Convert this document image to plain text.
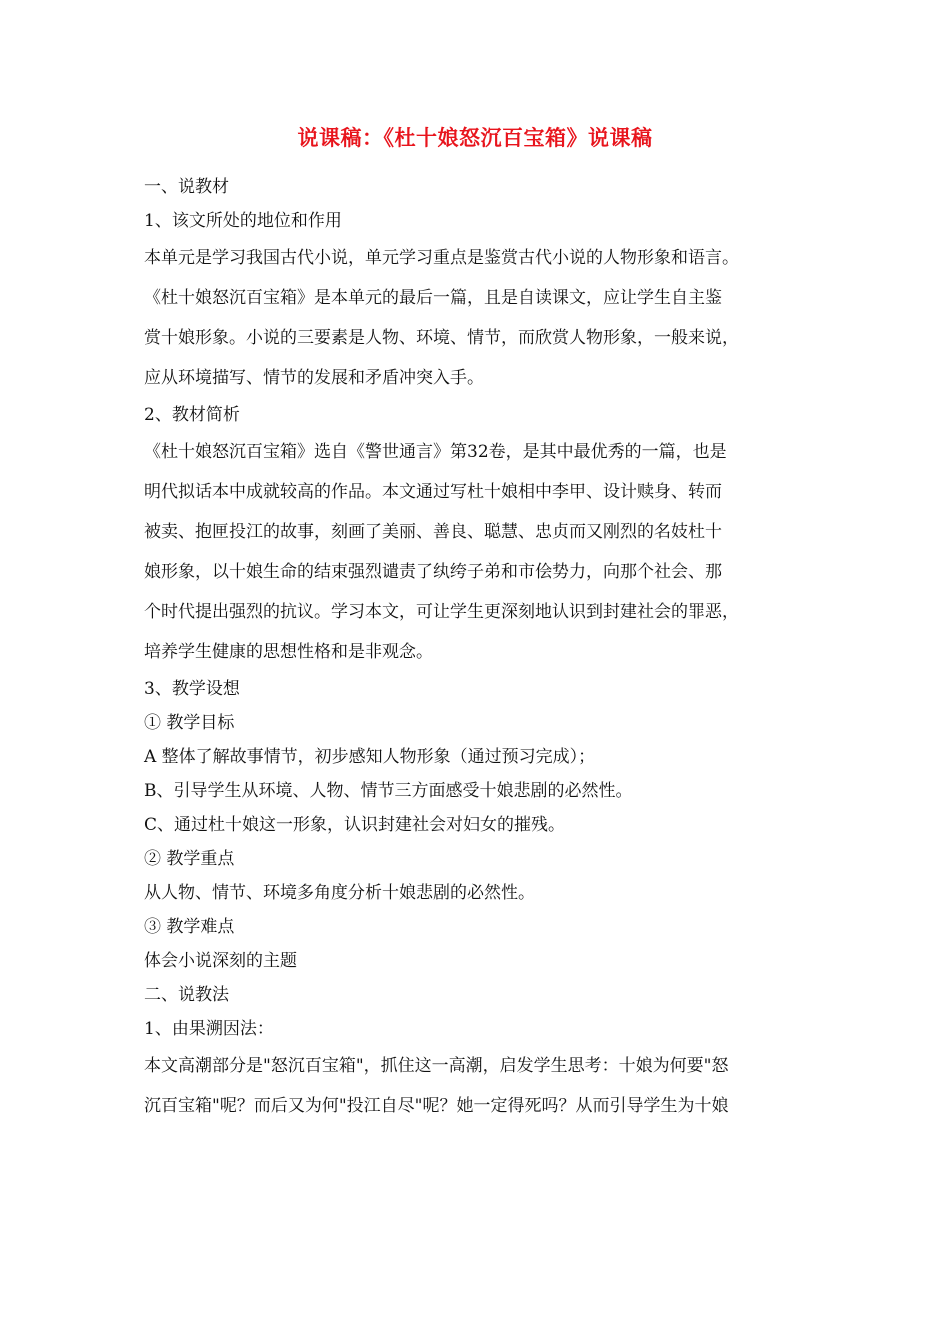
说课稿：《杜十娘怒沉百宝箱》说课稿
一、说教材
1、该文所处的地位和作用
本单元是学习我国古代小说，单元学习重点是鉴赏古代小说的人物形象和语言。
《杜十娘怒沉百宝箱》是本单元的最后一篇，且是自读课文，应让学生自主鉴
赏十娘形象。小说的三要素是人物、环境、情节，而欣赏人物形象，一般来说，
应从环境描写、情节的发展和矛盾冲突入手。
2、教材简析
《杜十娘怒沉百宝箱》选自《警世通言》第32卷，是其中最优秀的一篇，也是
明代拟话本中成就较高的作品。本文通过写杜十娘相中李甲、设计赎身、转而
被卖、抱匣投江的故事，刻画了美丽、善良、聪慧、忠贞而又刚烈的名妓杜十
娘形象，以十娘生命的结束强烈谴责了纨绔子弟和市侩势力，向那个社会、那
个时代提出强烈的抗议。学习本文，可让学生更深刻地认识到封建社会的罪恶，
培养学生健康的思想性格和是非观念。
3、教学设想
① 教学目标
A 整体了解故事情节，初步感知人物形象（通过预习完成）；
B、引导学生从环境、人物、情节三方面感受十娘悲剧的必然性。
C、通过杜十娘这一形象，认识封建社会对妇女的摧残。
② 教学重点
从人物、情节、环境多角度分析十娘悲剧的必然性。
③ 教学难点
体会小说深刻的主题
二、说教法
1、由果溯因法：
本文高潮部分是"怒沉百宝箱"，抓住这一高潮，启发学生思考：十娘为何要"怒
沉百宝箱"呢？而后又为何"投江自尽"呢？她一定得死吗？从而引导学生为十娘
